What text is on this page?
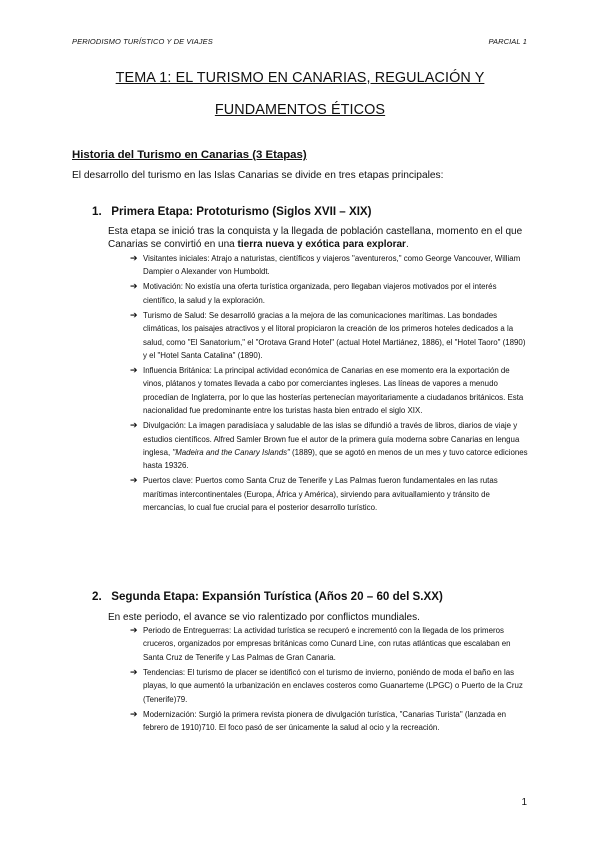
PERIODISMO TURÍSTICO Y DE VIAJES	PARCIAL 1
TEMA 1: EL TURISMO EN CANARIAS, REGULACIÓN Y
FUNDAMENTOS ÉTICOS
Historia del Turismo en Canarias (3 Etapas)
El desarrollo del turismo en las Islas Canarias se divide en tres etapas principales:
1. Primera Etapa: Prototurismo (Siglos XVII – XIX)
Esta etapa se inició tras la conquista y la llegada de población castellana, momento en el que Canarias se convirtió en una tierra nueva y exótica para explorar.
➔ Visitantes iniciales: Atrajo a naturistas, científicos y viajeros "aventureros," como George Vancouver, William Dampier o Alexander von Humboldt.
➔ Motivación: No existía una oferta turística organizada, pero llegaban viajeros motivados por el interés científico, la salud y la exploración.
➔ Turismo de Salud: Se desarrolló gracias a la mejora de las comunicaciones marítimas. Las bondades climáticas, los paisajes atractivos y el litoral propiciaron la creación de los primeros hoteles dedicados a la salud, como "El Sanatorium," el "Orotava Grand Hotel" (actual Hotel Martiánez, 1886), el "Hotel Taoro" (1890) y el "Hotel Santa Catalina" (1890).
➔ Influencia Británica: La principal actividad económica de Canarias en ese momento era la exportación de vinos, plátanos y tomates llevada a cabo por comerciantes ingleses. Las líneas de vapores a menudo procedían de Inglaterra, por lo que las hosterías pertenecían mayoritariamente a ciudadanos británicos. Esta nacionalidad fue predominante entre los turistas hasta bien entrado el siglo XIX.
➔ Divulgación: La imagen paradisíaca y saludable de las islas se difundió a través de libros, diarios de viaje y estudios científicos. Alfred Samler Brown fue el autor de la primera guía moderna sobre Canarias en lengua inglesa, "Madeira and the Canary Islands" (1889), que se agotó en menos de un mes y tuvo catorce ediciones hasta 19326.
➔ Puertos clave: Puertos como Santa Cruz de Tenerife y Las Palmas fueron fundamentales en las rutas marítimas intercontinentales (Europa, África y América), sirviendo para avituallamiento y tránsito de mercancías, lo cual fue crucial para el posterior desarrollo turístico.
2. Segunda Etapa: Expansión Turística (Años 20 – 60 del S.XX)
En este periodo, el avance se vio ralentizado por conflictos mundiales.
➔ Periodo de Entreguerras: La actividad turística se recuperó e incrementó con la llegada de los primeros cruceros, organizados por empresas británicas como Cunard Line, con rutas atlánticas que escalaban en Santa Cruz de Tenerife y Las Palmas de Gran Canaria.
➔ Tendencias: El turismo de placer se identificó con el turismo de invierno, poniéndo de moda el baño en las playas, lo que aumentó la urbanización en enclaves costeros como Guanarteme (LPGC) o Puerto de la Cruz (Tenerife)79.
➔ Modernización: Surgió la primera revista pionera de divulgación turística, "Canarias Turista" (lanzada en febrero de 1910)710. El foco pasó de ser únicamente la salud al ocio y la recreación.
1
